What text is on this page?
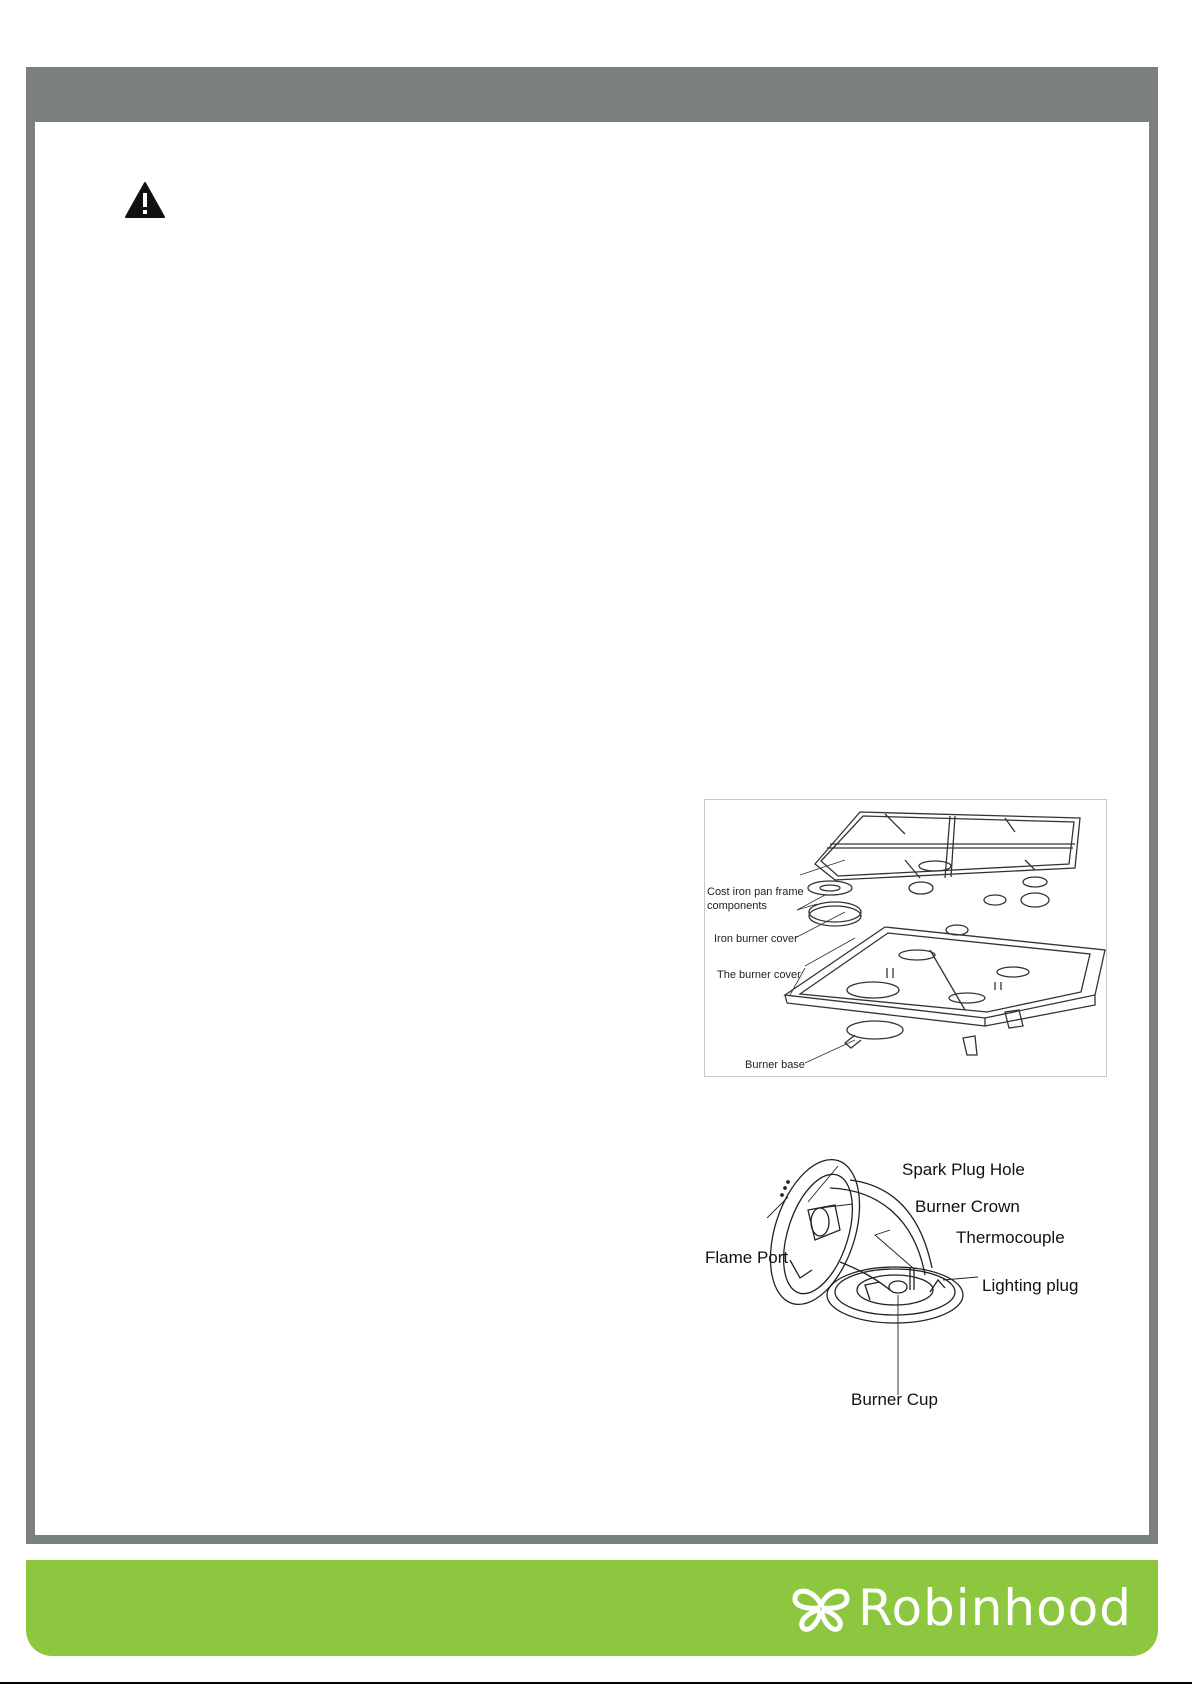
Cost iron pan frame
components
Iron burner cover
The burner cover
Burner base
Spark Plug Hole
Burner Crown
Thermocouple
Flame Port
Lighting plug
Burner Cup
Robinhood
